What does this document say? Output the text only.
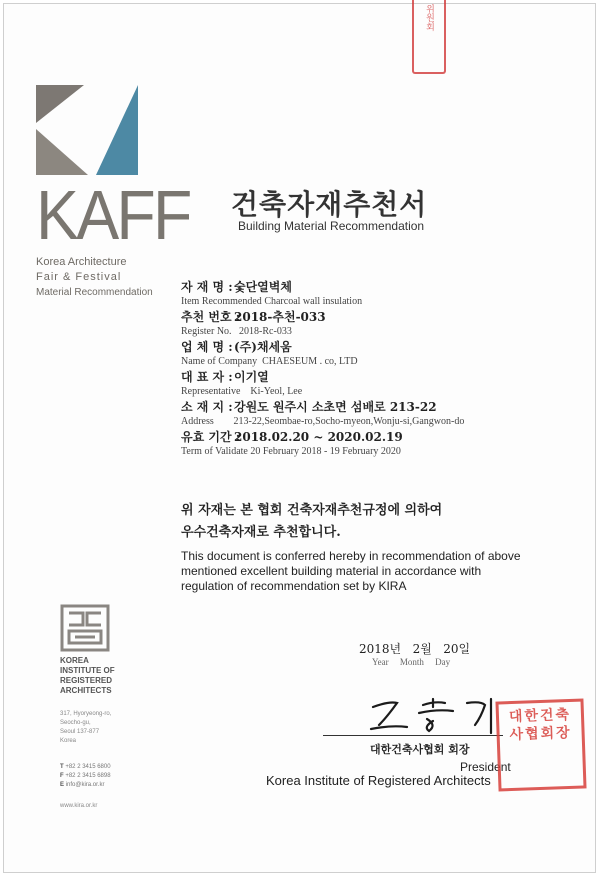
위원회
KAFF
Korea Architecture
Fair & Festival
Material Recommendation
건축자재추천서
Building Material Recommendation
자 재 명 :숯단열벽체
Item Recommended Charcoal wall insulation
추천 번호 :2018-추천-033
Register No. 2018-Rc-033
업 체 명 :(주)채세움
Name of Company CHAESEUM . co, LTD
대 표 자 :이기열
Representative Ki-Yeol, Lee
소 재 지 :강원도 원주시 소초면 섬배로 213-22
Address 213-22,Seombae-ro,Socho-myeon,Wonju-si,Gangwon-do
유효 기간 :2018.02.20 ~ 2020.02.19
Term of Validate 20 February 2018 - 19 February 2020
위 자재는 본 협회 건축자재추천규정에 의하여
우수건축자재로 추천합니다.
This document is conferred hereby in recommendation of above mentioned excellent building material in accordance with regulation of recommendation set by KIRA
KOREA
INSTITUTE OF
REGISTERED
ARCHITECTS
317, Hyoryeong-ro,
Seocho-gu,
Seoul 137-877
Korea
T +82 2 3415 6800
F +82 2 3415 6898
E info@kira.or.kr
www.kira.or.kr
2018년 2월 20일
Year Month Day
대한건축사협회 회장
President
Korea Institute of Registered Architects
대한건축사협회장
